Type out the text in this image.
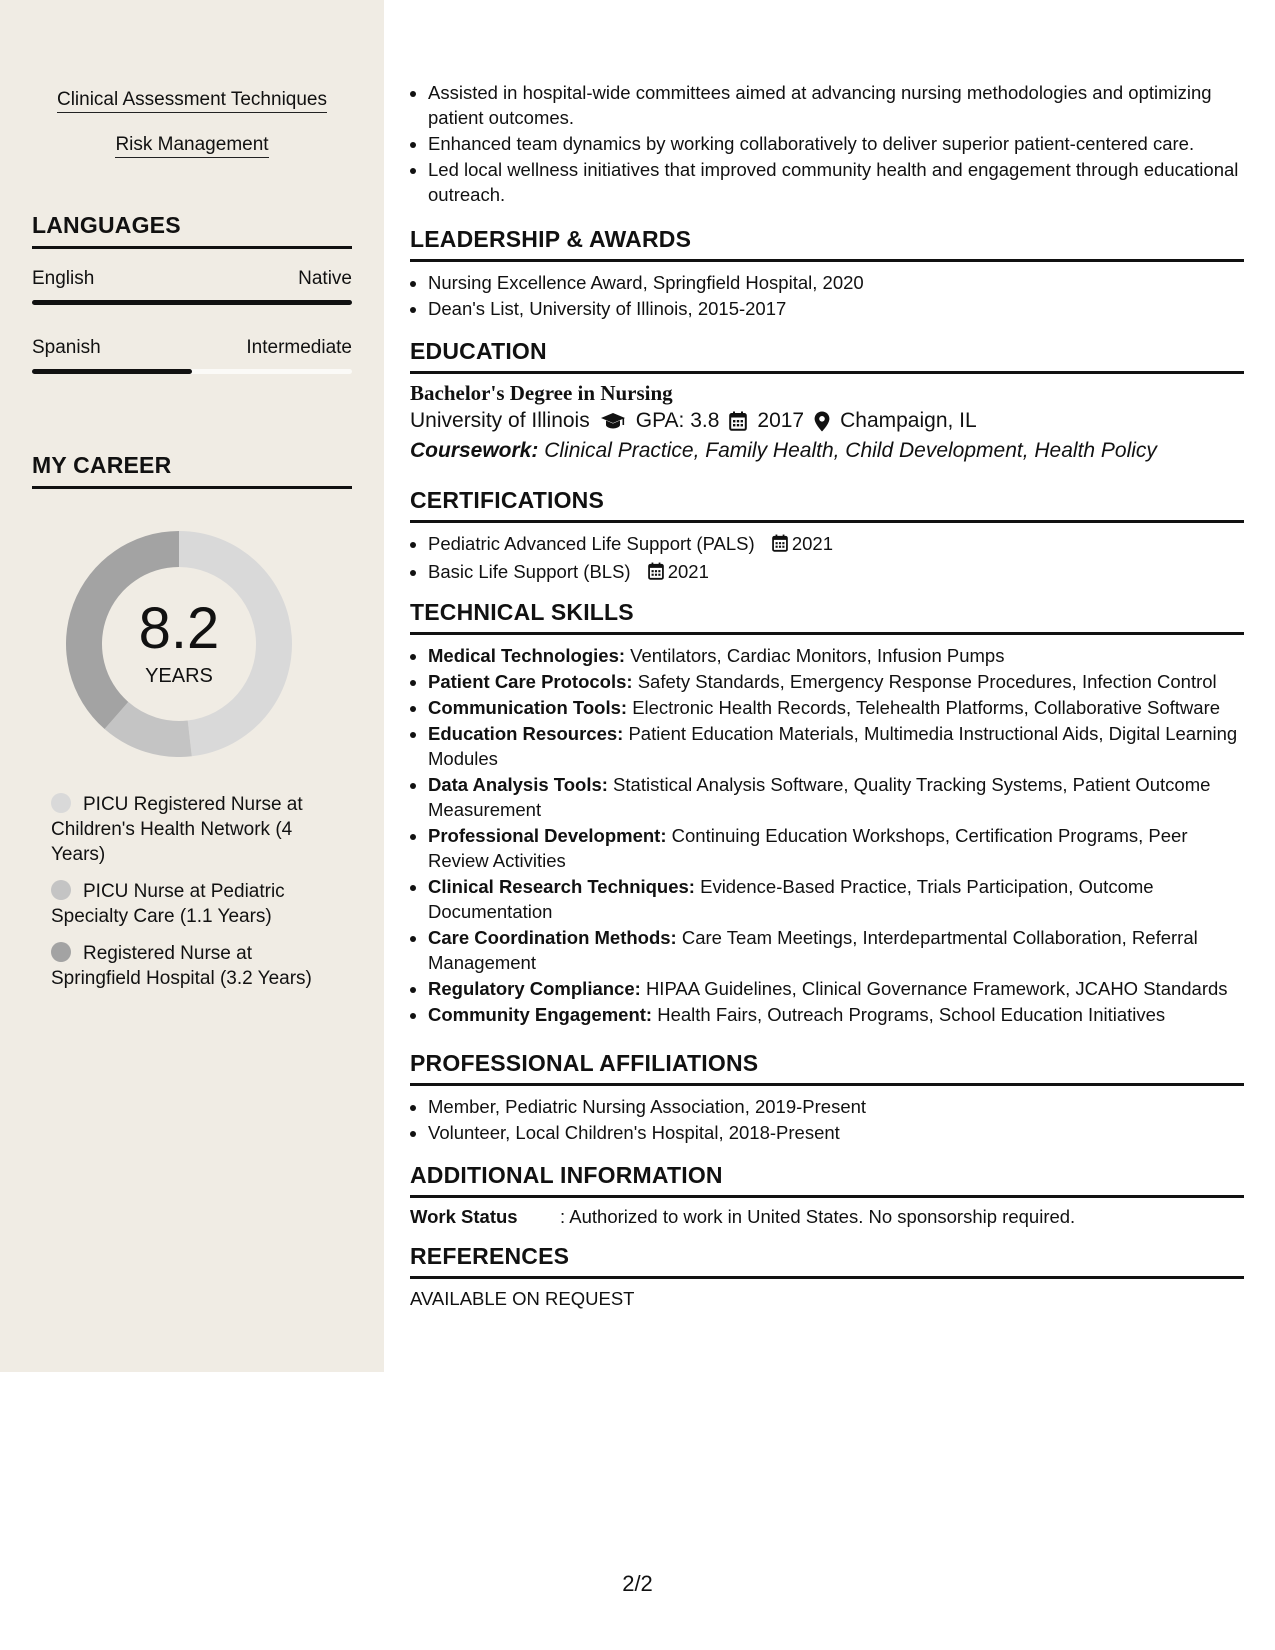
Clinical Assessment Techniques
Risk Management
LANGUAGES
English	Native
Spanish	Intermediate
MY CAREER
8.2
YEARS
PICU Registered Nurse at Children's Health Network (4 Years)
PICU Nurse at Pediatric Specialty Care (1.1 Years)
Registered Nurse at Springfield Hospital (3.2 Years)
• Assisted in hospital-wide committees aimed at advancing nursing methodologies and optimizing patient outcomes.
• Enhanced team dynamics by working collaboratively to deliver superior patient-centered care.
• Led local wellness initiatives that improved community health and engagement through educational outreach.
LEADERSHIP & AWARDS
• Nursing Excellence Award, Springfield Hospital, 2020
• Dean's List, University of Illinois, 2015-2017
EDUCATION
Bachelor's Degree in Nursing
University of Illinois GPA: 3.8 2017 Champaign, IL
Coursework: Clinical Practice, Family Health, Child Development, Health Policy
CERTIFICATIONS
• Pediatric Advanced Life Support (PALS) 2021
• Basic Life Support (BLS) 2021
TECHNICAL SKILLS
• Medical Technologies: Ventilators, Cardiac Monitors, Infusion Pumps
• Patient Care Protocols: Safety Standards, Emergency Response Procedures, Infection Control
• Communication Tools: Electronic Health Records, Telehealth Platforms, Collaborative Software
• Education Resources: Patient Education Materials, Multimedia Instructional Aids, Digital Learning Modules
• Data Analysis Tools: Statistical Analysis Software, Quality Tracking Systems, Patient Outcome Measurement
• Professional Development: Continuing Education Workshops, Certification Programs, Peer Review Activities
• Clinical Research Techniques: Evidence-Based Practice, Trials Participation, Outcome Documentation
• Care Coordination Methods: Care Team Meetings, Interdepartmental Collaboration, Referral Management
• Regulatory Compliance: HIPAA Guidelines, Clinical Governance Framework, JCAHO Standards
• Community Engagement: Health Fairs, Outreach Programs, School Education Initiatives
PROFESSIONAL AFFILIATIONS
• Member, Pediatric Nursing Association, 2019-Present
• Volunteer, Local Children's Hospital, 2018-Present
ADDITIONAL INFORMATION
Work Status	: Authorized to work in United States. No sponsorship required.
REFERENCES
AVAILABLE ON REQUEST
2/2
